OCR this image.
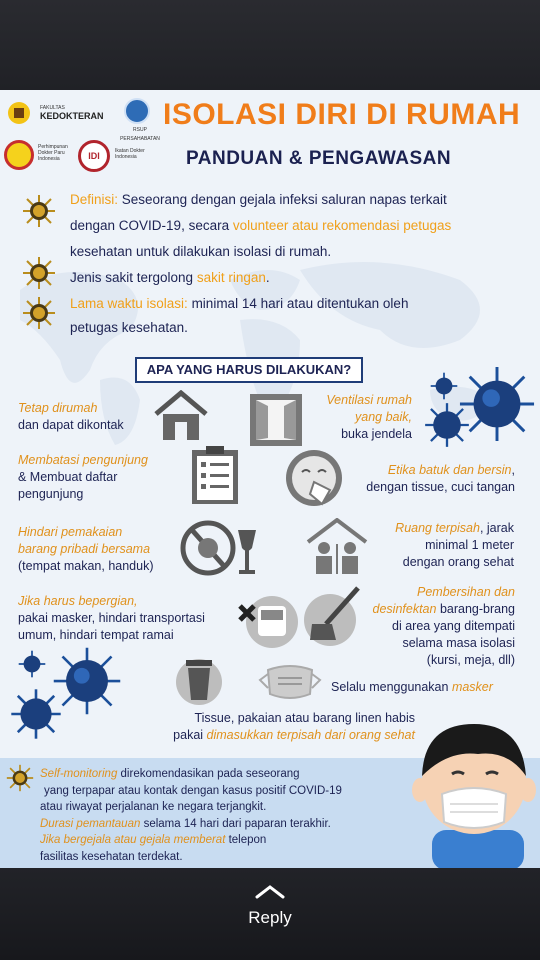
FAKULTAS
KEDOKTERAN
RSUP PERSAHABATAN
Perhimpunan Dokter Paru Indonesia	IDI	Ikatan Dokter Indonesia
ISOLASI DIRI DI RUMAH
PANDUAN & PENGAWASAN
Definisi: Seseorang dengan gejala infeksi saluran napas terkait
dengan COVID-19, secara volunteer atau rekomendasi petugas
kesehatan untuk dilakukan isolasi di rumah.
Jenis sakit tergolong sakit ringan.
Lama waktu isolasi: minimal 14 hari atau ditentukan oleh
petugas kesehatan.
APA YANG HARUS DILAKUKAN?
Tetap dirumah
dan dapat dikontak
Ventilasi rumah
yang baik,
buka jendela
Membatasi pengunjung
& Membuat daftar
pengunjung
Etika batuk dan bersin,
dengan tissue, cuci tangan
Hindari pemakaian
barang pribadi bersama
(tempat makan, handuk)
Ruang terpisah, jarak
minimal 1 meter
dengan orang sehat
Jika harus bepergian,
pakai masker, hindari transportasi
umum, hindari tempat ramai
Pembersihan dan
desinfektan barang-brang
di area yang ditempati
selama masa isolasi
(kursi, meja, dll)
Selalu menggunakan masker
Tissue, pakaian atau barang linen habis
pakai dimasukkan terpisah dari orang sehat
Self-monitoring direkomendasikan pada seseorang
yang terpapar atau kontak dengan kasus positif COVID-19
atau riwayat perjalanan ke negara terjangkit.
Durasi pemantauan selama 14 hari dari paparan terakhir.
Jika bergejala atau gejala memberat telepon
fasilitas kesehatan terdekat.
Reply
